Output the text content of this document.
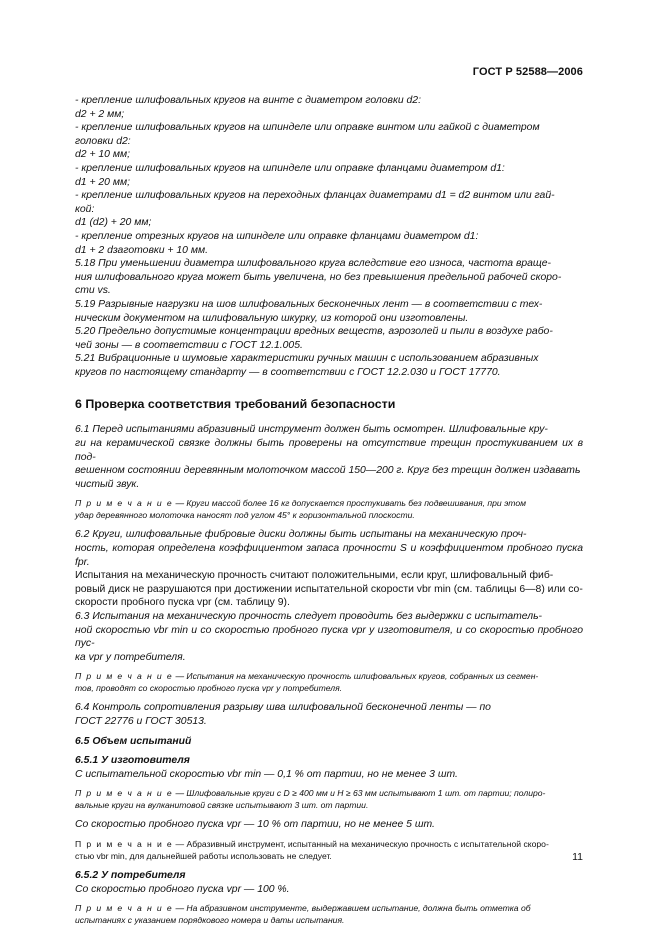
ГОСТ Р 52588—2006

- крепление шлифовальных кругов на винте с диаметром головки d2:

d2 + 2 мм;

- крепление шлифовальных кругов на шпинделе или оправке винтом или гайкой с диаметром

головки d2:

d2 + 10 мм;

- крепление шлифовальных кругов на шпинделе или оправке фланцами диаметром d1:

d1 + 20 мм;

- крепление шлифовальных кругов на переходных фланцах диаметрами d1 = d2 винтом или гай-

кой:

d1 (d2) + 20 мм;

- крепление отрезных кругов на шпинделе или оправке фланцами диаметром d1:

d1 + 2 dзаготовки + 10 мм.

5.18 При уменьшении диаметра шлифовального круга вследствие его износа, частота враще-

ния шлифовального круга может быть увеличена, но без превышения предельной рабочей скоро-

сти vs.

5.19 Разрывные нагрузки на шов шлифовальных бесконечных лент — в соответствии с тех-

ническим документом на шлифовальную шкурку, из которой они изготовлены.

5.20 Предельно допустимые концентрации вредных веществ, аэрозолей и пыли в воздухе рабо-

чей зоны — в соответствии с ГОСТ 12.1.005.

5.21 Вибрационные и шумовые характеристики ручных машин с использованием абразивных

кругов по настоящему стандарту — в соответствии с ГОСТ 12.2.030 и ГОСТ 17770.

6 Проверка соответствия требований безопасности

6.1 Перед испытаниями абразивный инструмент должен быть осмотрен. Шлифовальные кру-

ги на керамической связке должны быть проверены на отсутствие трещин простукиванием их в под-

вешенном состоянии деревянным молоточком массой 150—200 г. Круг без трещин должен издавать

чистый звук.

П р и м е ч а н и е — Круги массой более 16 кг допускается простукивать без подвешивания, при этом
удар деревянного молоточка наносят под углом 45° к горизонтальной плоскости.

6.2 Круги, шлифовальные фибровые диски должны быть испытаны на механическую проч-

ность, которая определена коэффициентом запаса прочности S и коэффициентом пробного пуска fpr.

Испытания на механическую прочность считают положительными, если круг, шлифовальный фиб-

ровый диск не разрушаются при достижении испытательной скорости vbr min (см. таблицы 6—8) или со-

скорости пробного пуска vpr (см. таблицу 9).

6.3 Испытания на механическую прочность следует проводить без выдержки с испытатель-

ной скоростью vbr min и со скоростью пробного пуска vpr у изготовителя, и со скоростью пробного пус-

ка vpr у потребителя.

П р и м е ч а н и е — Испытания на механическую прочность шлифовальных кругов, собранных из сегмен-
тов, проводят со скоростью пробного пуска vpr у потребителя.

6.4 Контроль сопротивления разрыву шва шлифовальной бесконечной ленты — по

ГОСТ 22776 и ГОСТ 30513.

6.5 Объем испытаний

6.5.1 У изготовителя

С испытательной скоростью vbr min — 0,1 % от партии, но не менее 3 шт.

П р и м е ч а н и е — Шлифовальные круги с D ≥ 400 мм и H ≥ 63 мм испытывают 1 шт. от партии; полиро-
вальные круги на вулканитовой связке испытывают 3 шт. от партии.

Со скоростью пробного пуска vpr — 10 % от партии, но не менее 5 шт.

П р и м е ч а н и е — Абразивный инструмент, испытанный на механическую прочность с испытательной скоро-
стью vbr min, для дальнейшей работы использовать не следует.

6.5.2 У потребителя

Со скоростью пробного пуска vpr — 100 %.

П р и м е ч а н и е — На абразивном инструменте, выдержавшем испытание, должна быть отметка об
испытаниях с указанием порядкового номера и даты испытания.
11
